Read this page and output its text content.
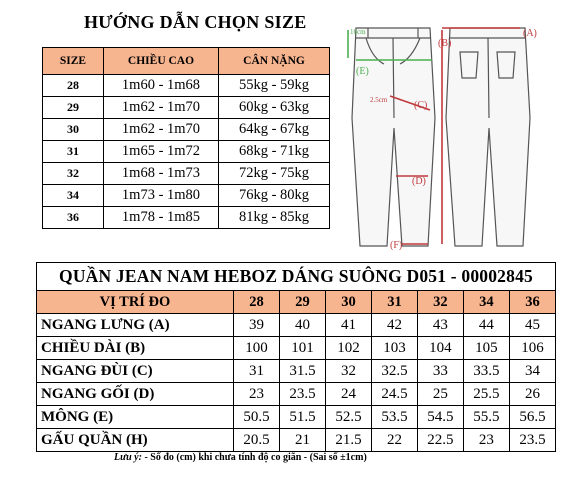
HƯỚNG DẪN CHỌN SIZE
SIZE	CHIỀU CAO	CÂN NẶNG
28	1m60 - 1m68	55kg - 59kg
29	1m62 - 1m70	60kg - 63kg
30	1m62 - 1m70	64kg - 67kg
31	1m65 - 1m72	68kg - 71kg
32	1m68 - 1m73	72kg - 75kg
34	1m73 - 1m80	76kg - 80kg
36	1m78 - 1m85	81kg - 85kg
(A)
(B)
(C)
(D)
(E)
(F)
16cm
2.5cm
QUẦN JEAN NAM HEBOZ DÁNG SUÔNG D051 - 00002845							
VỊ TRÍ ĐO	28	29	30	31	32	34	36
NGANG LƯNG (A)	39	40	41	42	43	44	45
CHIỀU DÀI (B)	100	101	102	103	104	105	106
NGANG ĐÙI (C)	31	31.5	32	32.5	33	33.5	34
NGANG GỐI (D)	23	23.5	24	24.5	25	25.5	26
MÔNG (E)	50.5	51.5	52.5	53.5	54.5	55.5	56.5
GẤU QUẦN (H)	20.5	21	21.5	22	22.5	23	23.5
Lưu ý: - Số đo (cm) khi chưa tính độ co giãn - (Sai số ±1cm)
